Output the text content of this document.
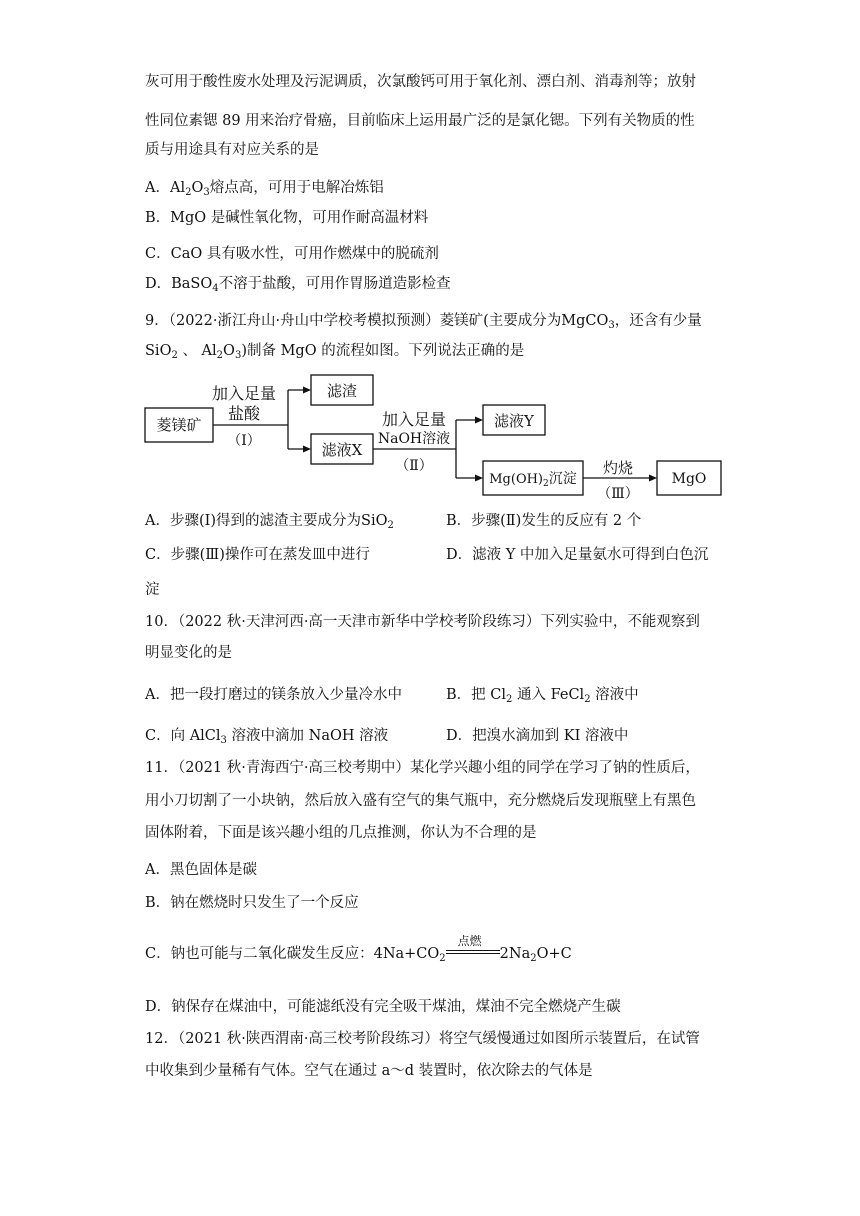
灰可用于酸性废水处理及污泥调质，次氯酸钙可用于氧化剂、漂白剂、消毒剂等；放射
性同位素锶 89 用来治疗骨癌，目前临床上运用最广泛的是氯化锶。下列有关物质的性
质与用途具有对应关系的是
A．$Al_2O_3$熔点高，可用于电解冶炼铝
B．MgO 是碱性氧化物，可用作耐高温材料
C．CaO 具有吸水性，可用作燃煤中的脱硫剂
D．BaSO$_4$不溶于盐酸，可用作胃肠道造影检查
9．（2022·浙江舟山·舟山中学校考模拟预测）菱镁矿(主要成分为MgCO$_3$，还含有少量
SiO$_2$ 、 $Al_2O_3$)制备 MgO 的流程如图。下列说法正确的是
菱镁矿
滤渣
滤液X
滤液Y
$Mg(OH)_2$沉淀	MgO
加入足量
盐酸
（Ⅰ）
加入足量
NaOH溶液
（Ⅱ）	灼烧
（Ⅲ）
A．步骤(Ⅰ)得到的滤渣主要成分为SiO$_2$	B．步骤(Ⅱ)发生的反应有 2 个
C．步骤(Ⅲ)操作可在蒸发皿中进行	D．滤液 Y 中加入足量氨水可得到白色沉
淀
10．（2022 秋·天津河西·高一天津市新华中学校考阶段练习）下列实验中，不能观察到
明显变化的是
A．把一段打磨过的镁条放入少量冷水中	B．把 $Cl_2$ 通入 FeCl$_2$ 溶液中
C．向 AlCl$_3$ 溶液中滴加 NaOH 溶液	D．把溴水滴加到 KI 溶液中
11．（2021 秋·青海西宁·高三校考期中）某化学兴趣小组的同学在学习了钠的性质后，
用小刀切割了一小块钠，然后放入盛有空气的集气瓶中，充分燃烧后发现瓶壁上有黑色
固体附着，下面是该兴趣小组的几点推测，你认为不合理的是
A．黑色固体是碳
B．钠在燃烧时只发生了一个反应
C．钠也可能与二氧化碳发生反应：$4Na+CO_2$
点燃
$2Na_2O+C$
D．钠保存在煤油中，可能滤纸没有完全吸干煤油，煤油不完全燃烧产生碳
12．（2021 秋·陕西渭南·高三校考阶段练习）将空气缓慢通过如图所示装置后，在试管
中收集到少量稀有气体。空气在通过 a～d 装置时，依次除去的气体是
